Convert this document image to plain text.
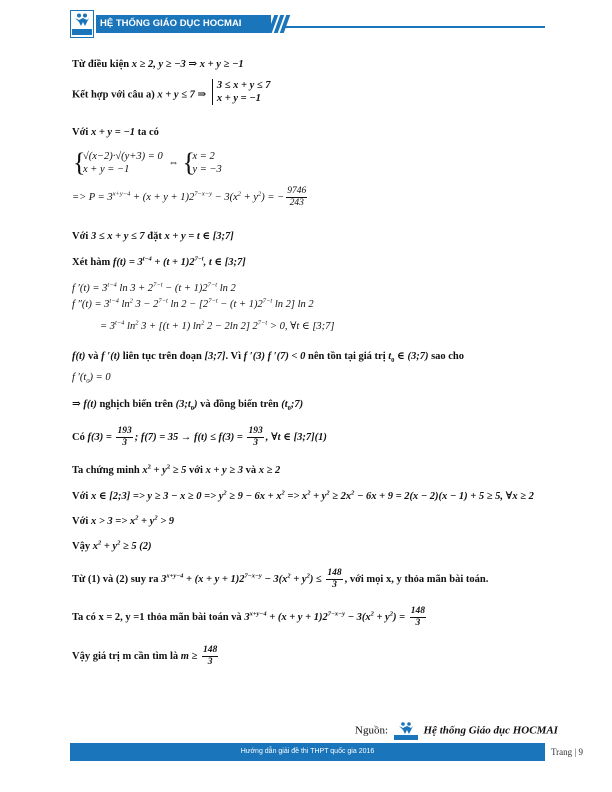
HỆ THỐNG GIÁO DỤC HOCMAI
Từ điều kiện x ≥ 2, y ≥ −3 ⇒ x + y ≥ −1
Kết hợp với câu a) x + y ≤ 7 ⇒ 3 ≤ x + y ≤ 7
x + y = −1
Với x + y = −1 ta có
{ √(x−2)·√(y+3) = 0
x + y = −1 ⇔ { x = 2
y = −3
=> $P = 3^{x+y-4} + (x + y + 1)2^{7-x-y} - 3(x^2 + y^2)$ = − $\frac{9746}{243}$
Với 3 ≤ x + y ≤ 7 đặt x + y = t ∈ [3;7]
Xét hàm $f(t) = 3^{t-4} + (t + 1)2^{7-t}$, t ∈ [3;7]
f $'(t) = 3^{t-4}$ $\ln 3 + 2^{7-t} - (t + 1)2^{7-t}$ ln 2
f $''(t) = 3^{t-4}$ $\ln^2 3 - 2^{7-t}$ $\ln 2 - [2^{7-t} - (t + 1)2^{7-t}$ ln 2] ln 2
= $3^{t-4}$ $\ln^2 3 + [(t + 1)$ $\ln^2 2 - 2\ln$ 2] $2^{7-t} > 0$, ∀t ∈ [3;7]
f(t) và f ′(t) liên tục trên đoạn [3;7]. Vì f ′(3) f ′(7) < 0 nên tồn tại giá trị $t_0$ ∈ (3;7) sao cho
f $'(t_0) = 0$
⇒ f(t) nghịch biến trên $(3;t_0)$ và đồng biến trên $(t_0;7)$
Có $f(3) = \frac{193}{3}$ ; $f(7) = 35 \to f(t) \le f(3) = \frac{193}{3}$ , ∀t ∈ [3;7](1)
Ta chứng minh $x^2 + y^2 \ge 5$ với x + y ≥ 3 và x ≥ 2
Với x ∈ [2;3] => $y \ge 3 - x \ge 0 => y^2 \ge 9 - 6x + x^2 => x^2 + y^2 \ge 2x^2 - 6x + 9 = 2(x - 2)(x - 1) + 5 \ge 5$, ∀x ≥ 2
Với $x > 3 => x^2 + y^2 > 9$
Vậy $x^2 + y^2 \ge 5$ (2)
Từ (1) và (2) suy ra $3^{x+y-4} + (x + y + 1)2^{7-x-y} - 3(x^2 + y^2) \le \frac{148}{3}$ , với mọi x, y thỏa mãn bài toán.
Ta có x = 2, y =1 thỏa mãn bài toán và $3^{x+y-4} + (x + y + 1)2^{7-x-y} - 3(x^2 + y^2) = \frac{148}{3}$
Vậy giá trị m cần tìm là $m \ge \frac{148}{3}$
Nguồn:	Hệ thống Giáo dục HOCMAI
Hướng dẫn giải đề thi THPT quốc gia 2016	Trang | 9
